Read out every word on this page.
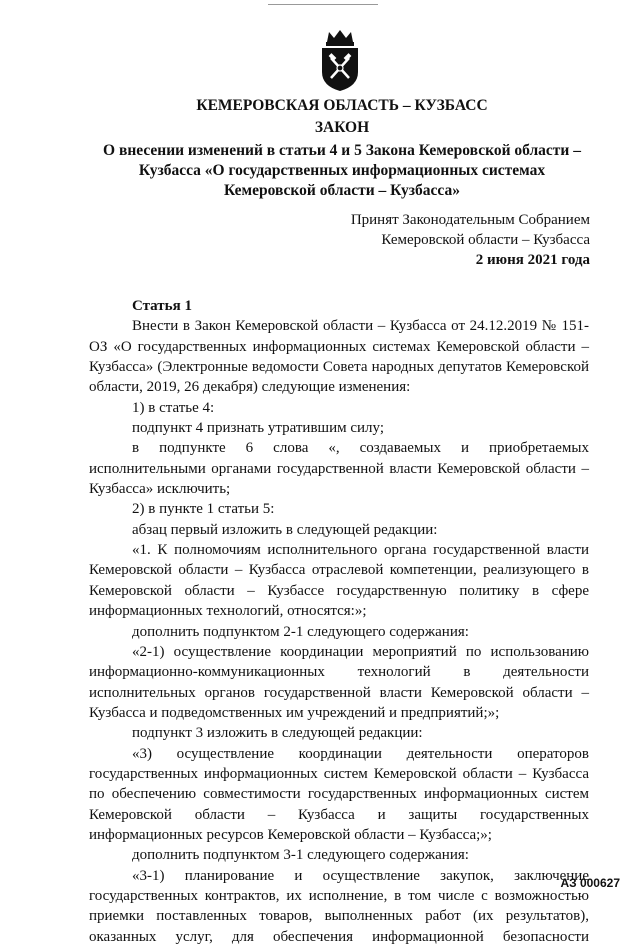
КЕМЕРОВСКАЯ ОБЛАСТЬ – КУЗБАСС
ЗАКОН
О внесении изменений в статьи 4 и 5 Закона Кемеровской области –
Кузбасса «О государственных информационных системах
Кемеровской области – Кузбасса»
Принят Законодательным Собранием
Кемеровской области – Кузбасса
2 июня 2021 года

Статья 1

Внести в Закон Кемеровской области – Кузбасса от 24.12.2019 № 151-ОЗ «О государственных информационных системах Кемеровской области – Кузбасса» (Электронные ведомости Совета народных депутатов Кемеровской области, 2019, 26 декабря) следующие изменения:

1) в статье 4:

подпункт 4 признать утратившим силу;

в подпункте 6 слова «, создаваемых и приобретаемых исполнительными органами государственной власти Кемеровской области – Кузбасса» исключить;

2) в пункте 1 статьи 5:

абзац первый изложить в следующей редакции:

«1. К полномочиям исполнительного органа государственной власти Кемеровской области – Кузбасса отраслевой компетенции, реализующего в Кемеровской области – Кузбассе государственную политику в сфере информационных технологий, относятся:»;

дополнить подпунктом 2-1 следующего содержания:

«2-1) осуществление координации мероприятий по использованию информационно-коммуникационных технологий в деятельности исполнительных органов государственной власти Кемеровской области – Кузбасса и подведомственных им учреждений и предприятий;»;

подпункт 3 изложить в следующей редакции:

«3) осуществление координации деятельности операторов государственных информационных систем Кемеровской области – Кузбасса по обеспечению совместимости государственных информационных систем Кемеровской области – Кузбасса и защиты государственных информационных ресурсов Кемеровской области – Кузбасса;»;

дополнить подпунктом 3-1 следующего содержания:

«3-1) планирование и осуществление закупок, заключение государственных контрактов, их исполнение, в том числе с возможностью приемки поставленных товаров, выполненных работ (их результатов), оказанных услуг, для обеспечения информационной безопасности

АЗ 000627
